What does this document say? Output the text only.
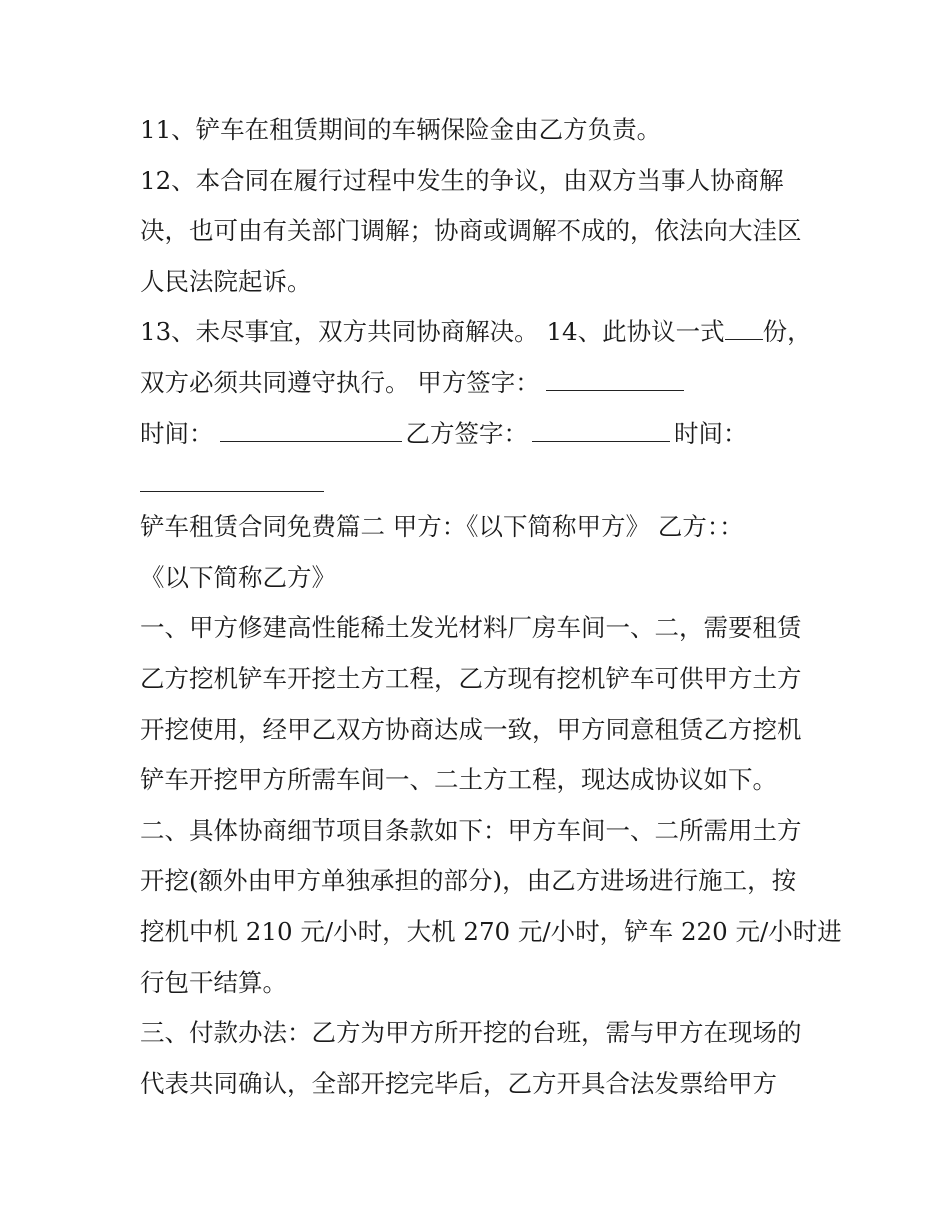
11、铲车在租赁期间的车辆保险金由乙方负责。
12、本合同在履行过程中发生的争议，由双方当事人协商解
决，也可由有关部门调解；协商或调解不成的，依法向大洼区
人民法院起诉。
13、未尽事宜，双方共同协商解决。 14、此协议一式 份，
双方必须共同遵守执行。 甲方签字：
时间：	乙方签字：	时间：
铲车租赁合同免费篇二 甲方：《以下简称甲方》 乙方：：
《以下简称乙方》
一、甲方修建高性能稀土发光材料厂房车间一、二，需要租赁
乙方挖机铲车开挖土方工程，乙方现有挖机铲车可供甲方土方
开挖使用，经甲乙双方协商达成一致，甲方同意租赁乙方挖机
铲车开挖甲方所需车间一、二土方工程，现达成协议如下。
二、具体协商细节项目条款如下：甲方车间一、二所需用土方
开挖(额外由甲方单独承担的部分)，由乙方进场进行施工，按
挖机中机 210 元/小时，大机 270 元/小时，铲车 220 元/小时进
行包干结算。
三、付款办法：乙方为甲方所开挖的台班，需与甲方在现场的
代表共同确认，全部开挖完毕后，乙方开具合法发票给甲方
